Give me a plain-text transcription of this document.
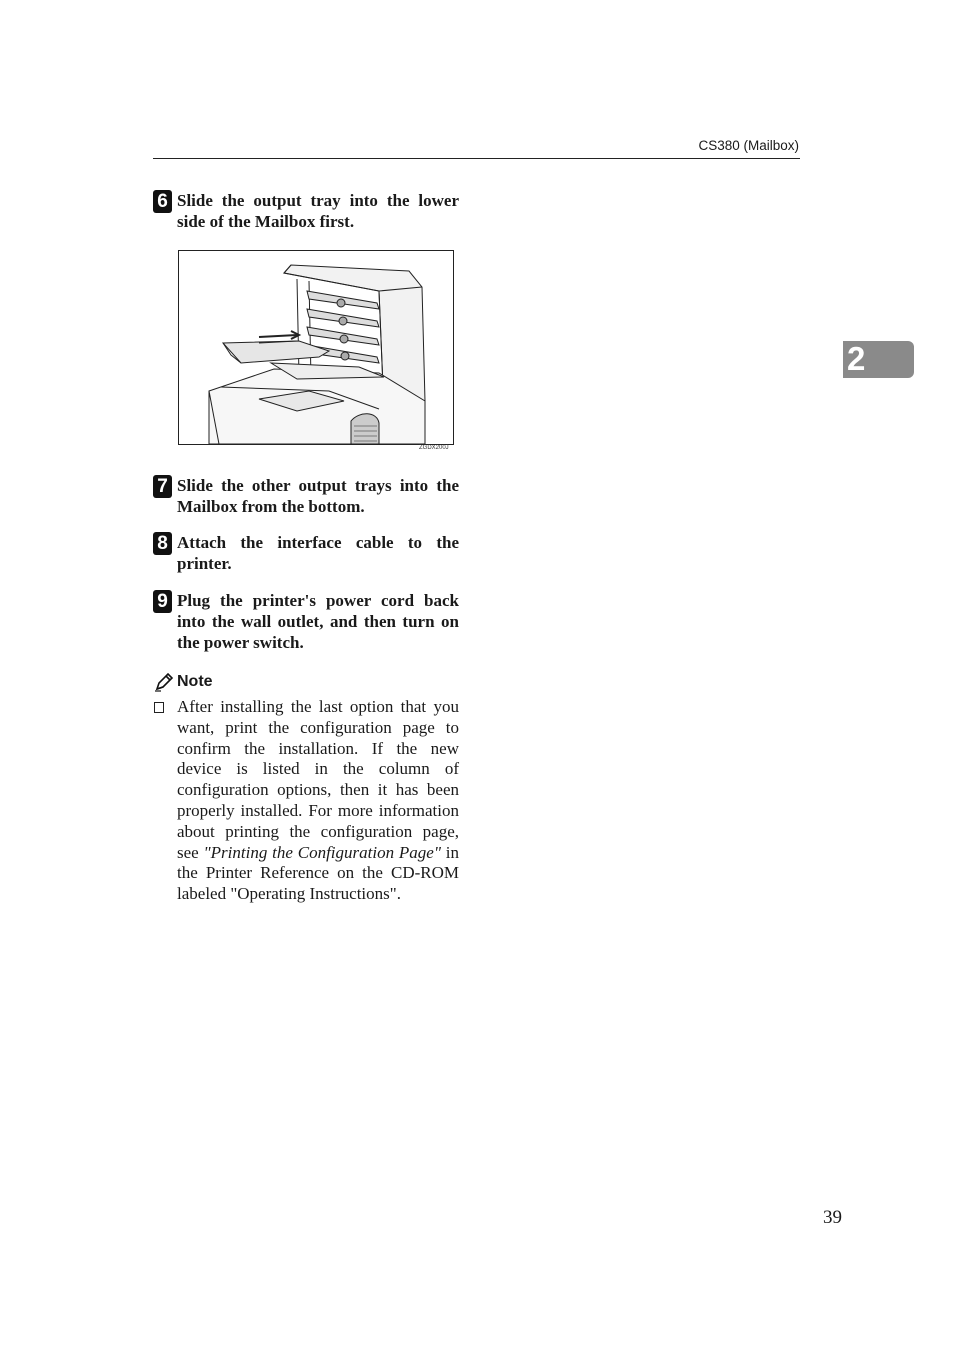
CS380 (Mailbox)
2
6 Slide the output tray into the lower side of the Mailbox first.
ZGDX200J
7 Slide the other output trays into the Mailbox from the bottom.
8 Attach the interface cable to the printer.
9 Plug the printer's power cord back into the wall outlet, and then turn on the power switch.
Note
After installing the last option that you want, print the configuration page to confirm the installation. If the new device is listed in the column of configuration options, then it has been properly installed. For more information about printing the configuration page, see "Printing the Configuration Page" in the Printer Reference on the CD-ROM labeled "Operating Instructions".
39
